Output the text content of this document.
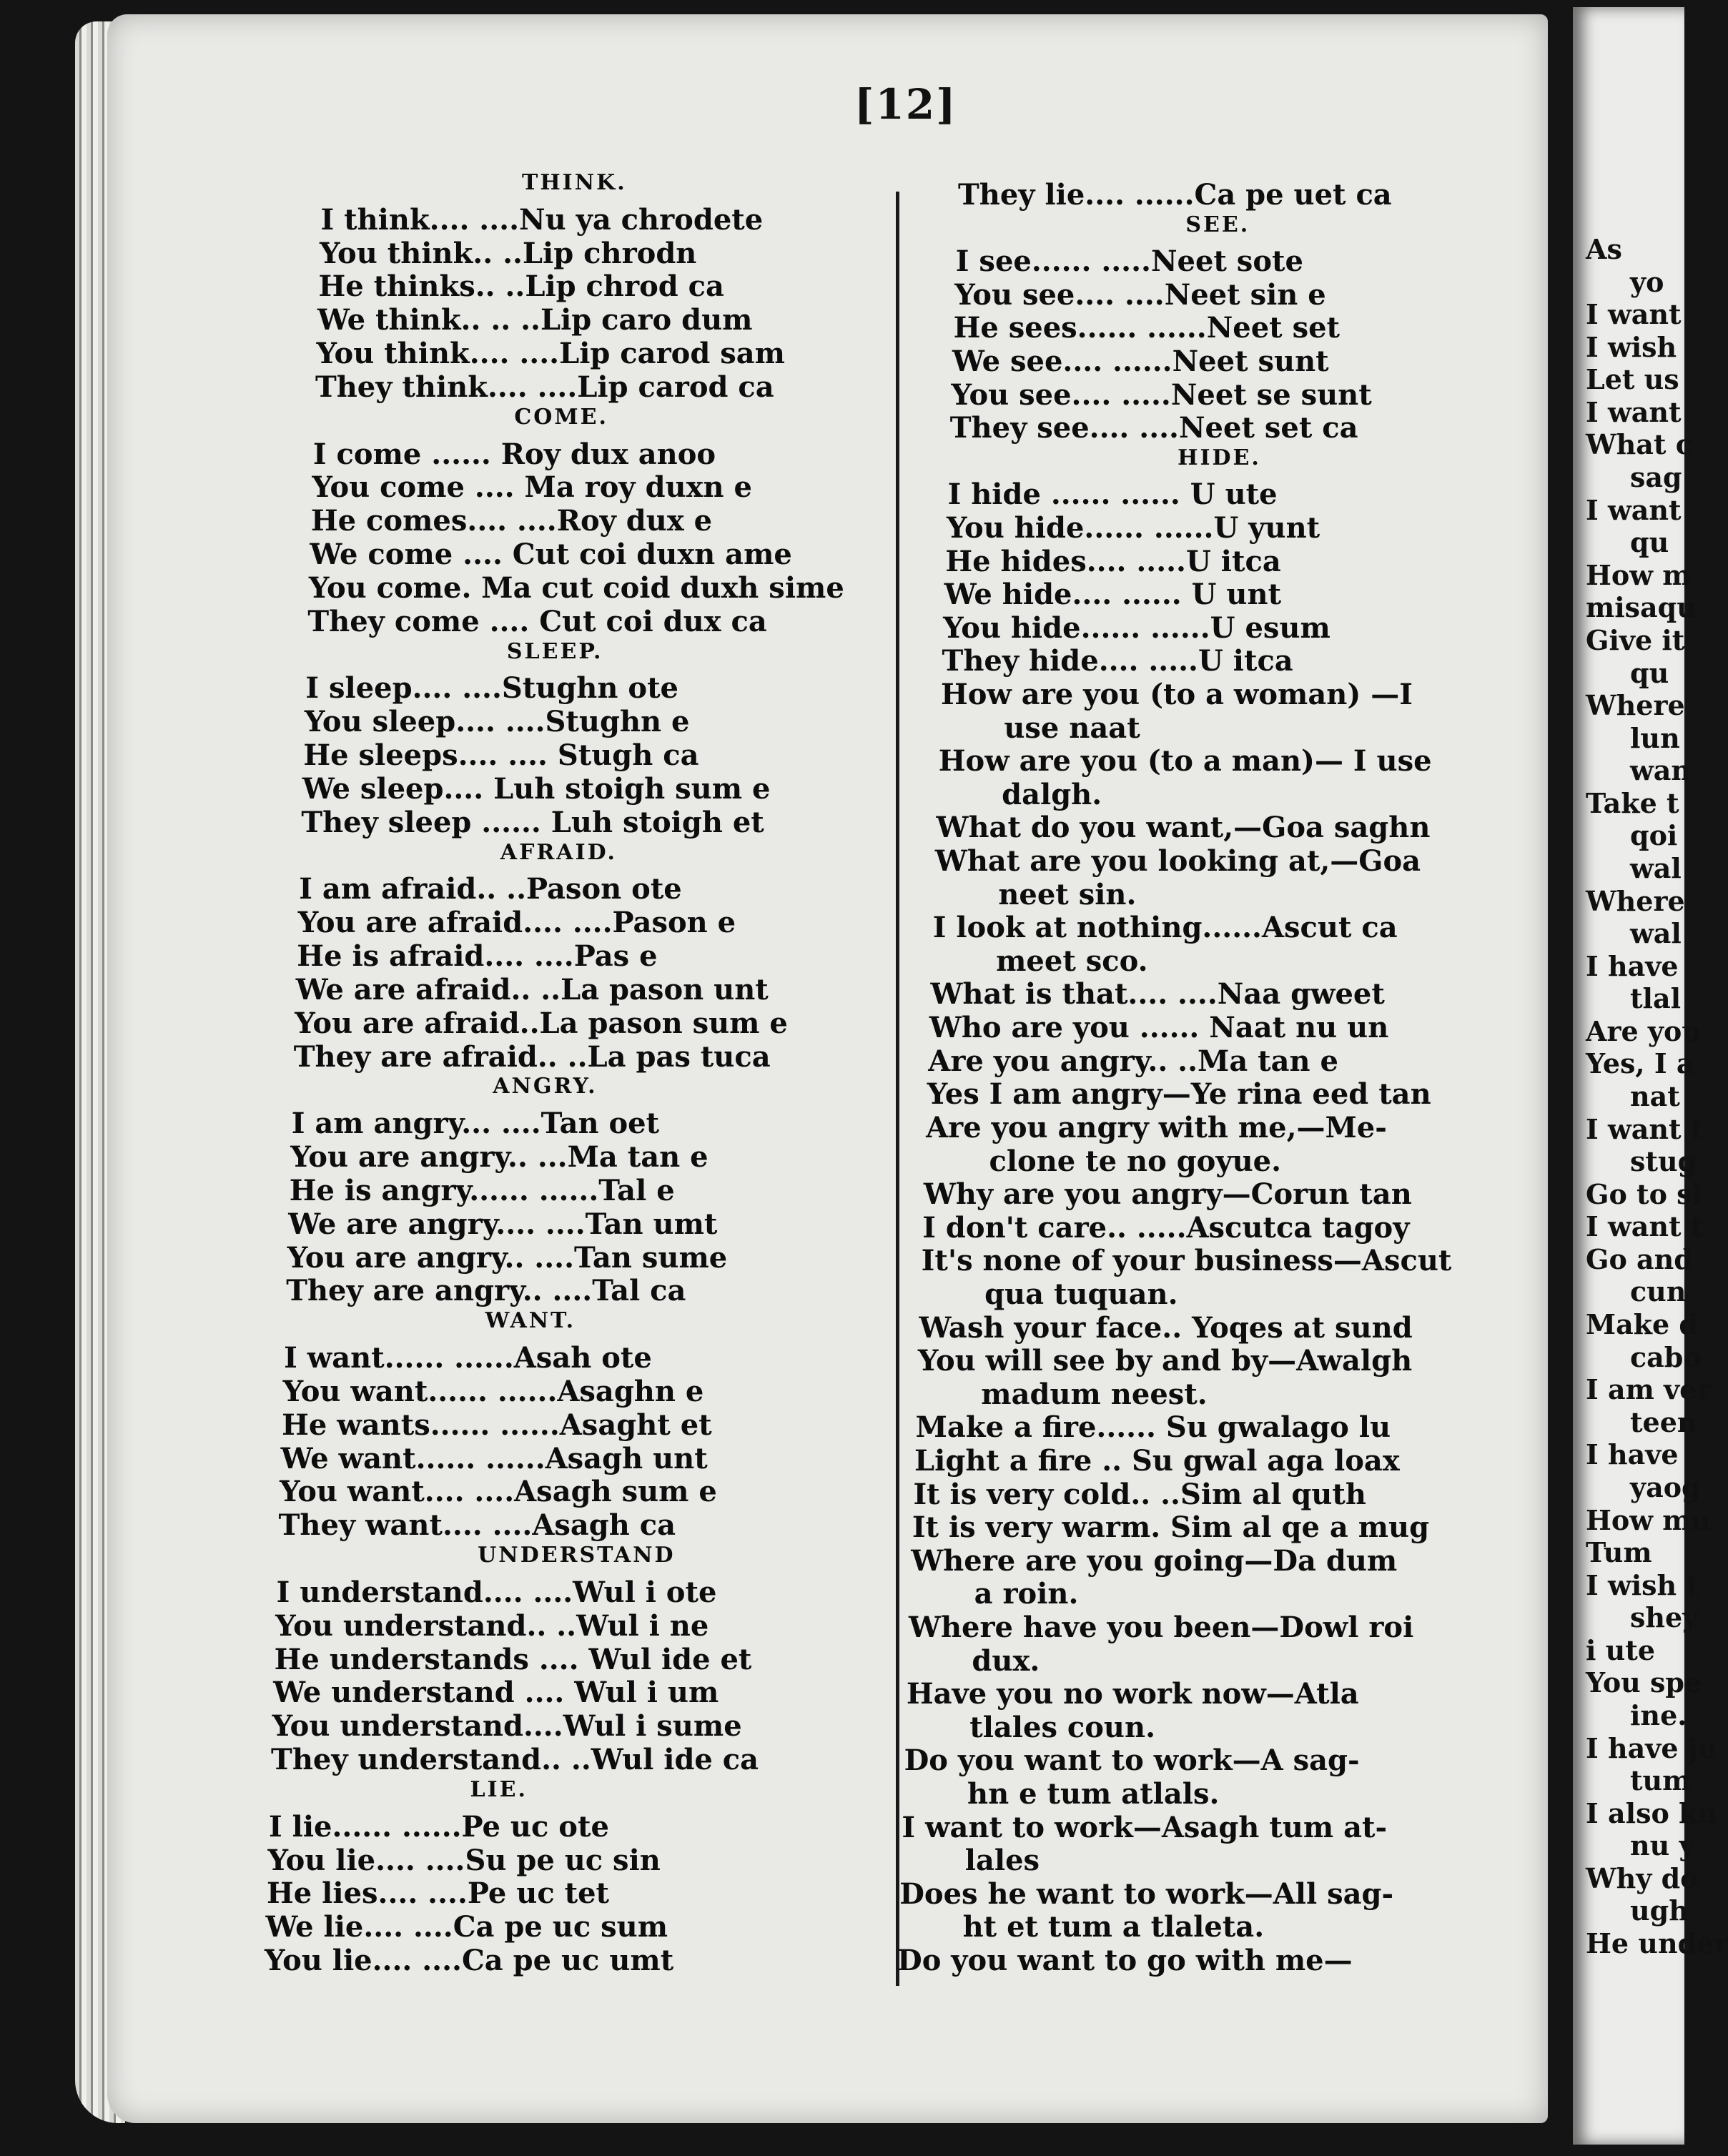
[12]
THINK.
I think.... ....Nu ya chrodete
You think.. ..Lip chrodn
He thinks.. ..Lip chrod ca
We think.. .. ..Lip caro dum
You think.... ....Lip carod sam
They think.... ....Lip carod ca
COME.
I come ...... Roy dux anoo
You come .... Ma roy duxn e
He comes.... ....Roy dux e
We come .... Cut coi duxn ame
You come. Ma cut coid duxh sime
They come .... Cut coi dux ca
SLEEP.
I sleep.... ....Stughn ote
You sleep.... ....Stughn e
He sleeps.... .... Stugh ca
We sleep.... Luh stoigh sum e
They sleep ...... Luh stoigh et
AFRAID.
I am afraid.. ..Pason ote
You are afraid.... ....Pason e
He is afraid.... ....Pas e
We are afraid.. ..La pason unt
You are afraid..La pason sum e
They are afraid.. ..La pas tuca
ANGRY.
I am angry... ....Tan oet
You are angry.. ...Ma tan e
He is angry...... ......Tal e
We are angry.... ....Tan umt
You are angry.. ....Tan sume
They are angry.. ....Tal ca
WANT.
I want...... ......Asah ote
You want...... ......Asaghn e
He wants...... ......Asaght et
We want...... ......Asagh unt
You want.... ....Asagh sum e
They want.... ....Asagh ca
UNDERSTAND
I understand.... ....Wul i ote
You understand.. ..Wul i ne
He understands .... Wul ide et
We understand .... Wul i um
You understand....Wul i sume
They understand.. ..Wul ide ca
LIE.
I lie...... ......Pe uc ote
You lie.... ....Su pe uc sin
He lies.... ....Pe uc tet
We lie.... ....Ca pe uc sum
You lie.... ....Ca pe uc umt
They lie.... ......Ca pe uet ca
SEE.
I see...... .....Neet sote
You see.... ....Neet sin e
He sees...... ......Neet set
We see.... ......Neet sunt
You see.... .....Neet se sunt
They see.... ....Neet set ca
HIDE.
I hide ...... ...... U ute
You hide...... ......U yunt
He hides.... .....U itca
We hide.... ...... U unt
You hide...... ......U esum
They hide.... .....U itca
How are you (to a woman) —I
use naat
How are you (to a man)— I use
dalgh.
What do you want,—Goa saghn
What are you looking at,—Goa
neet sin.
I look at nothing......Ascut ca
meet sco.
What is that.... ....Naa gweet
Who are you ...... Naat nu un
Are you angry.. ..Ma tan e
Yes I am angry—Ye rina eed tan
Are you angry with me,—Me-
clone te no goyue.
Why are you angry—Corun tan
I don't care.. .....Ascutca tagoy
It's none of your business—Ascut
qua tuquan.
Wash your face.. Yoqes at sund
You will see by and by—Awalgh
madum neest.
Make a fire...... Su gwalago lu
Light a fire .. Su gwal aga loax
It is very cold.. ..Sim al quth
It is very warm. Sim al qe a mug
Where are you going—Da dum
a roin.
Where have you been—Dowl roi
dux.
Have you no work now—Atla
tlales coun.
Do you want to work—A sag-
hn e tum atlals.
I want to work—Asagh tum at-
lales
Does he want to work—All sag-
ht et tum a tlaleta.
Do you want to go with me—
As
yo
I want
I wish
Let us
I want
What c
sag
I want
qu
How m
misaqu
Give it
qu
Where
lun
wan
Take t
qoi
wal
Where
wal
I have
tlal
Are you
Yes, I a
nat
I want t
stug
Go to sl
I want t
Go and
cun
Make d
cabo
I am ver
teen
I have
yaog
How mu
Tum
I wish t
shey
i ute
You spe
ine.
I have ju
tum
I also kn
nu y
Why do
ugh
He under
